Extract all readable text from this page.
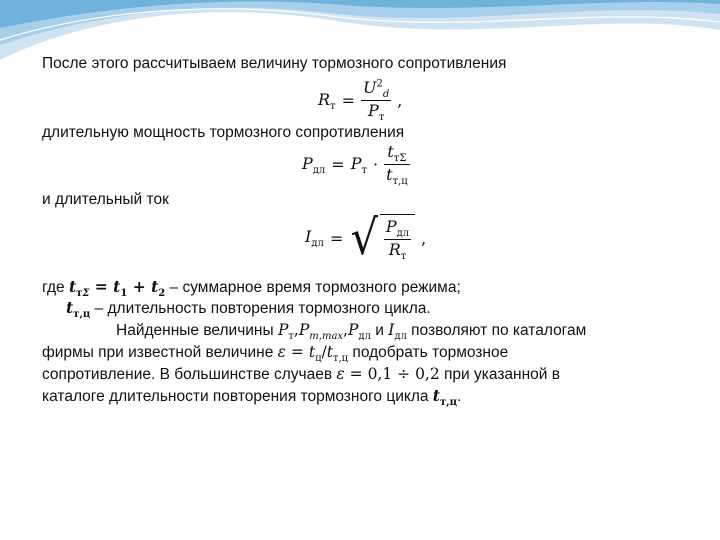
После этого рассчитываем величину тормозного сопротивления
$R_т = \frac{U^2_d}{P_т}$ ,
длительную мощность тормозного сопротивления
$P_{дл} = P_т \cdot \frac{t_{т\Sigma}}{t_{т,ц}}$
и длительный ток
$I_{дл}$ = √ $\frac{P_{дл}}{R_т}$ ,
где $t_{т\Sigma} = t_1 + t_2$ – суммарное время тормозного режима;
$t_{т,ц}$ – длительность повторения тормозного цикла.
Найденные величины $P_т,P_{т,max},P_{дл}$ и $I_{дл}$ позволяют по каталогам
фирмы при известной величине $\varepsilon = t_ц/t_{т,ц}$ подобрать тормозное
сопротивление. В большинстве случаев ε = 0,1 ÷ 0,2 при указанной в
каталоге длительности повторения тормозного цикла $t_{т,ц}$.
